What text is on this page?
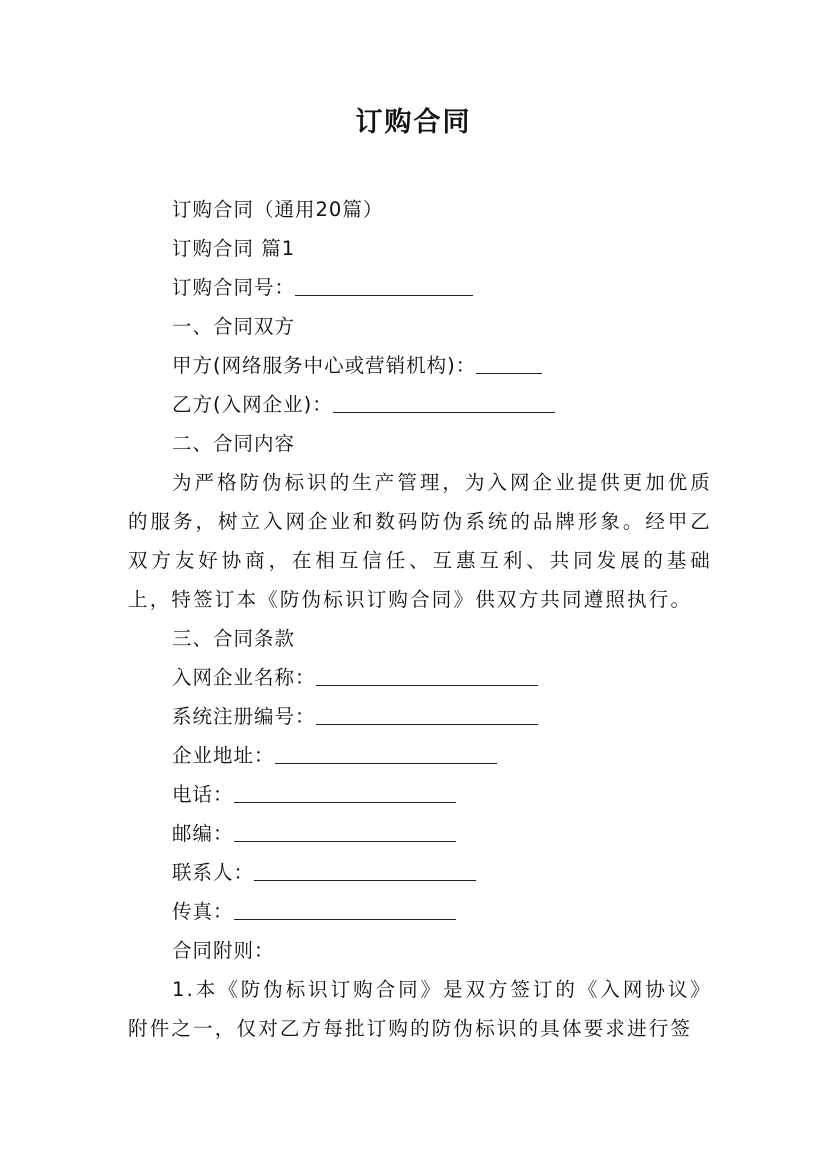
订购合同

订购合同（通用20篇）

订购合同 篇1

订购合同号：

一、合同双方

甲方(网络服务中心或营销机构)：

乙方(入网企业)：

二、合同内容

为严格防伪标识的生产管理，为入网企业提供更加优质的服务，树立入网企业和数码防伪系统的品牌形象。经甲乙双方友好协商，在相互信任、互惠互利、共同发展的基础上，特签订本《防伪标识订购合同》供双方共同遵照执行。

三、合同条款

入网企业名称：

系统注册编号：

企业地址：

电话：

邮编：

联系人：

传真：

合同附则：

1.本《防伪标识订购合同》是双方签订的《入网协议》附件之一，仅对乙方每批订购的防伪标识的具体要求进行签
